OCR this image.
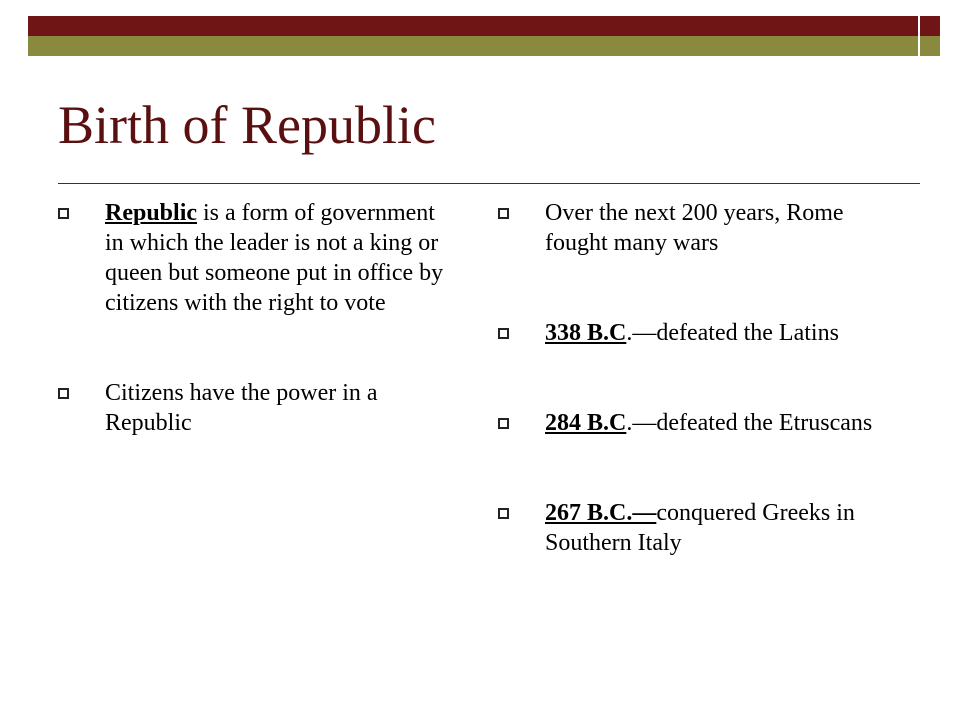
Birth of Republic
Republic is a form of government in which the leader is not a king or queen but someone put in office by citizens with the right to vote
Citizens have the power in a Republic
Over the next 200 years, Rome fought many wars
338 B.C.—defeated the Latins
284 B.C.—defeated the Etruscans
267 B.C.—conquered Greeks in Southern Italy
